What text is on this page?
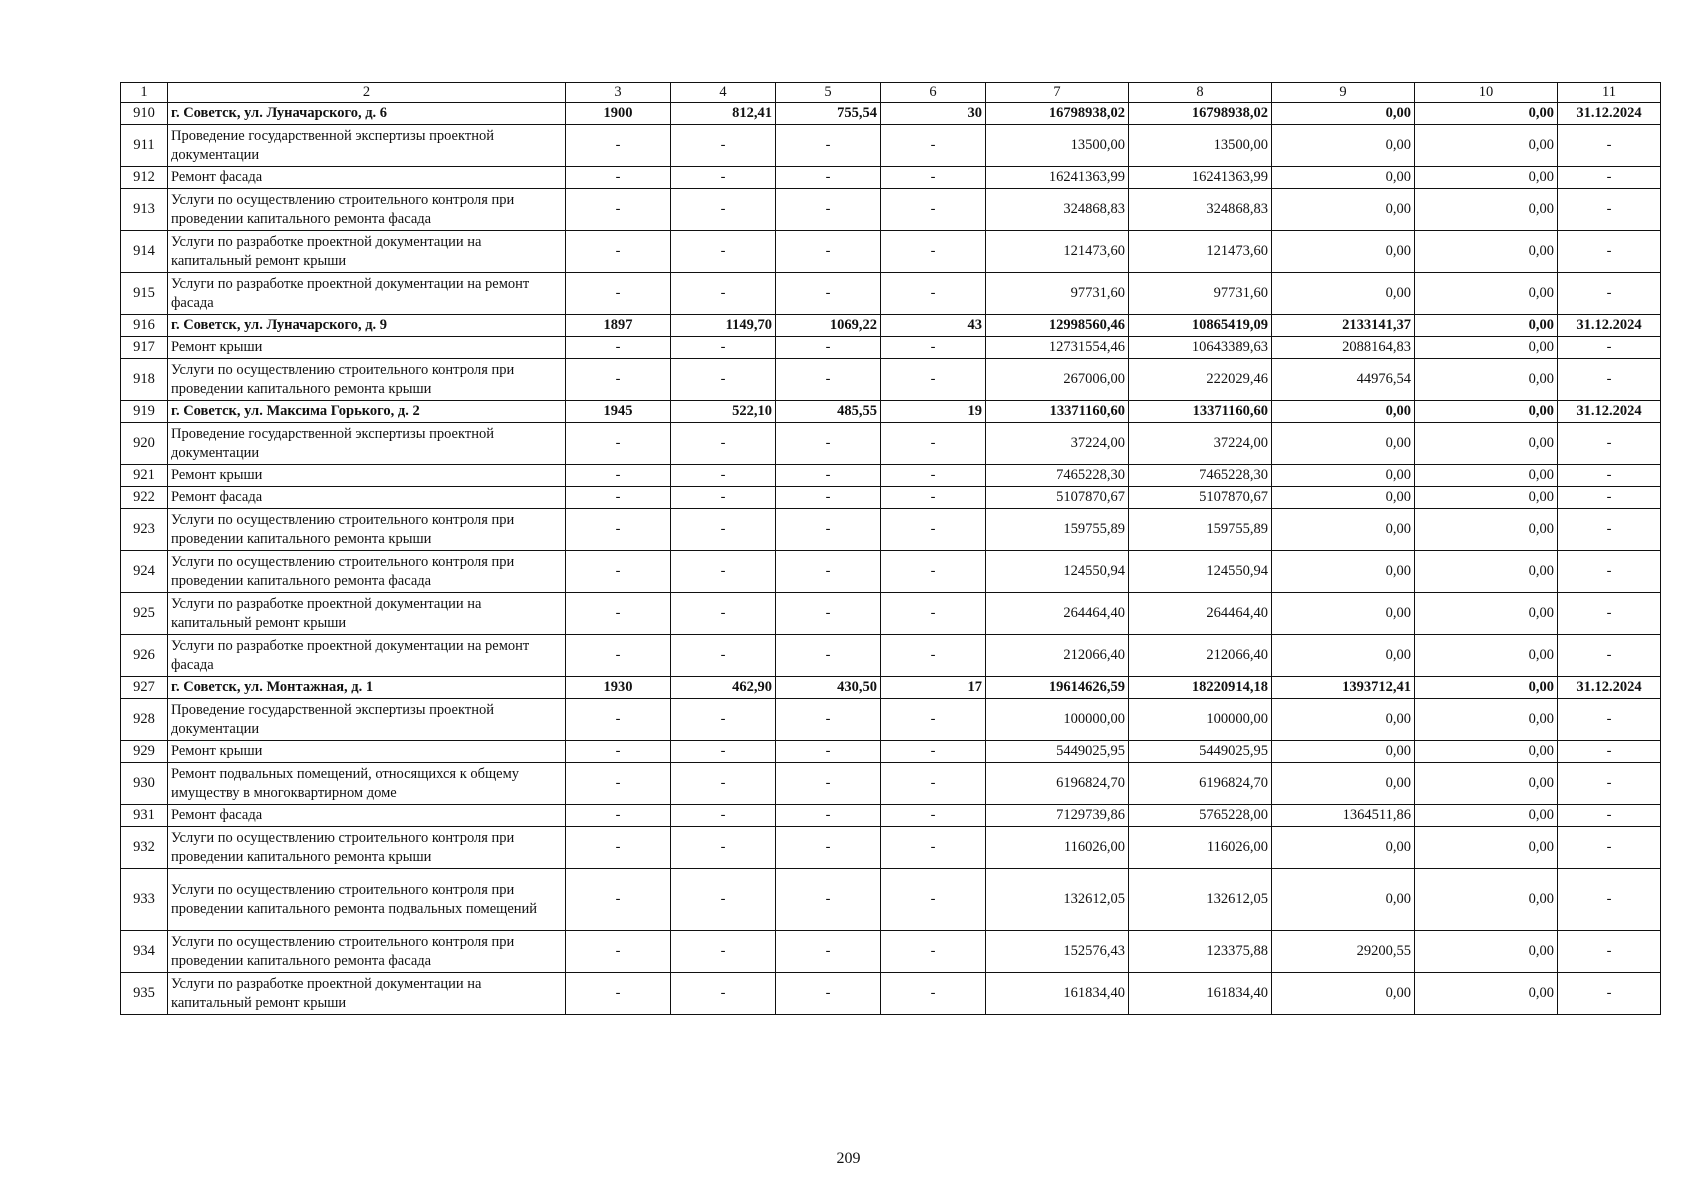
1	2	3	4	5	6	7	8	9	10	11
910	г. Советск, ул. Луначарского, д. 6	1900	812,41	755,54	30	16798938,02	16798938,02	0,00	0,00	31.12.2024
911	Проведение государственной экспертизы проектной документации	-	-	-	-	13500,00	13500,00	0,00	0,00	-
912	Ремонт фасада	-	-	-	-	16241363,99	16241363,99	0,00	0,00	-
913	Услуги по осуществлению строительного контроля при проведении капитального ремонта фасада	-	-	-	-	324868,83	324868,83	0,00	0,00	-
914	Услуги по разработке проектной документации на капитальный ремонт крыши	-	-	-	-	121473,60	121473,60	0,00	0,00	-
915	Услуги по разработке проектной документации на ремонт фасада	-	-	-	-	97731,60	97731,60	0,00	0,00	-
916	г. Советск, ул. Луначарского, д. 9	1897	1149,70	1069,22	43	12998560,46	10865419,09	2133141,37	0,00	31.12.2024
917	Ремонт крыши	-	-	-	-	12731554,46	10643389,63	2088164,83	0,00	-
918	Услуги по осуществлению строительного контроля при проведении капитального ремонта крыши	-	-	-	-	267006,00	222029,46	44976,54	0,00	-
919	г. Советск, ул. Максима Горького, д. 2	1945	522,10	485,55	19	13371160,60	13371160,60	0,00	0,00	31.12.2024
920	Проведение государственной экспертизы проектной документации	-	-	-	-	37224,00	37224,00	0,00	0,00	-
921	Ремонт крыши	-	-	-	-	7465228,30	7465228,30	0,00	0,00	-
922	Ремонт фасада	-	-	-	-	5107870,67	5107870,67	0,00	0,00	-
923	Услуги по осуществлению строительного контроля при проведении капитального ремонта крыши	-	-	-	-	159755,89	159755,89	0,00	0,00	-
924	Услуги по осуществлению строительного контроля при проведении капитального ремонта фасада	-	-	-	-	124550,94	124550,94	0,00	0,00	-
925	Услуги по разработке проектной документации на капитальный ремонт крыши	-	-	-	-	264464,40	264464,40	0,00	0,00	-
926	Услуги по разработке проектной документации на ремонт фасада	-	-	-	-	212066,40	212066,40	0,00	0,00	-
927	г. Советск, ул. Монтажная, д. 1	1930	462,90	430,50	17	19614626,59	18220914,18	1393712,41	0,00	31.12.2024
928	Проведение государственной экспертизы проектной документации	-	-	-	-	100000,00	100000,00	0,00	0,00	-
929	Ремонт крыши	-	-	-	-	5449025,95	5449025,95	0,00	0,00	-
930	Ремонт подвальных помещений, относящихся к общему имуществу в многоквартирном доме	-	-	-	-	6196824,70	6196824,70	0,00	0,00	-
931	Ремонт фасада	-	-	-	-	7129739,86	5765228,00	1364511,86	0,00	-
932	Услуги по осуществлению строительного контроля при проведении капитального ремонта крыши	-	-	-	-	116026,00	116026,00	0,00	0,00	-
933	Услуги по осуществлению строительного контроля при проведении капитального ремонта подвальных помещений	-	-	-	-	132612,05	132612,05	0,00	0,00	-
934	Услуги по осуществлению строительного контроля при проведении капитального ремонта фасада	-	-	-	-	152576,43	123375,88	29200,55	0,00	-
935	Услуги по разработке проектной документации на капитальный ремонт крыши	-	-	-	-	161834,40	161834,40	0,00	0,00	-
209
